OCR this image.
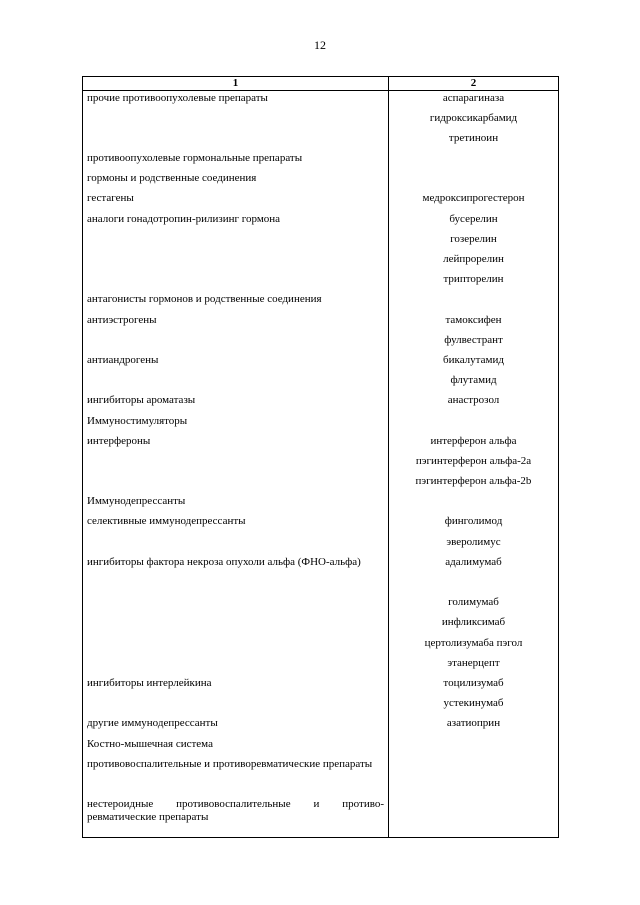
12
1	2
прочие противоопухолевые препараты	аспарагиназа
	гидроксикарбамид
	третиноин
противоопухолевые гормональные препараты	
гормоны и родственные соединения	
гестагены	медроксипрогестерон
аналоги гонадотропин-рилизинг гормона	бусерелин
	гозерелин
	лейпрорелин
	трипторелин
антагонисты гормонов и родственные соединения	
антиэстрогены	тамоксифен
	фулвестрант
антиандрогены	бикалутамид
	флутамид
ингибиторы ароматазы	анастрозол
Иммуностимуляторы	
интерфероны	интерферон альфа
	пэгинтерферон альфа-2a
	пэгинтерферон альфа-2b
Иммунодепрессанты	
селективные иммунодепрессанты	финголимод
	эверолимус
ингибиторы фактора некроза опухоли альфа (ФНО-альфа)	адалимумаб
	голимумаб
	инфликсимаб
	цертолизумаба пэгол
	этанерцепт
ингибиторы интерлейкина	тоцилизумаб
	устекинумаб
другие иммунодепрессанты	азатиоприн
Костно-мышечная система	
противовоспалительные и противоревматические препараты	
нестероидные противовоспалительные и противо-ревматические препараты	
